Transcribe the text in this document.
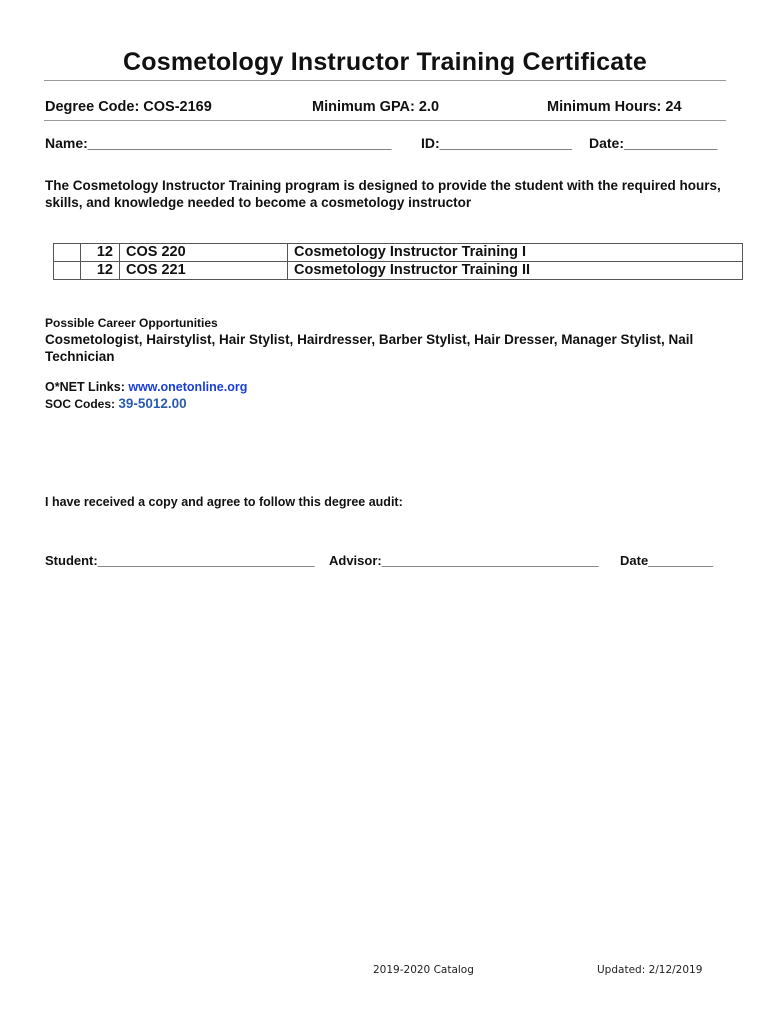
Cosmetology Instructor Training Certificate
Degree Code: COS-2169	Minimum GPA: 2.0	Minimum Hours: 24
Name:_______________________________________ ID:_________________ Date:____________
The Cosmetology Instructor Training program is designed to provide the student with the required hours, skills, and knowledge needed to become a cosmetology instructor
	12	COS 220	Cosmetology Instructor Training I
	12	COS 221	Cosmetology Instructor Training II
Possible Career Opportunities
Cosmetologist, Hairstylist, Hair Stylist, Hairdresser, Barber Stylist, Hair Dresser, Manager Stylist, Nail Technician
O*NET Links: www.onetonline.org
SOC Codes: 39-5012.00
I have received a copy and agree to follow this degree audit:
Student:______________________________ Advisor:______________________________ Date_________
2019-2020 Catalog	Updated: 2/12/2019
